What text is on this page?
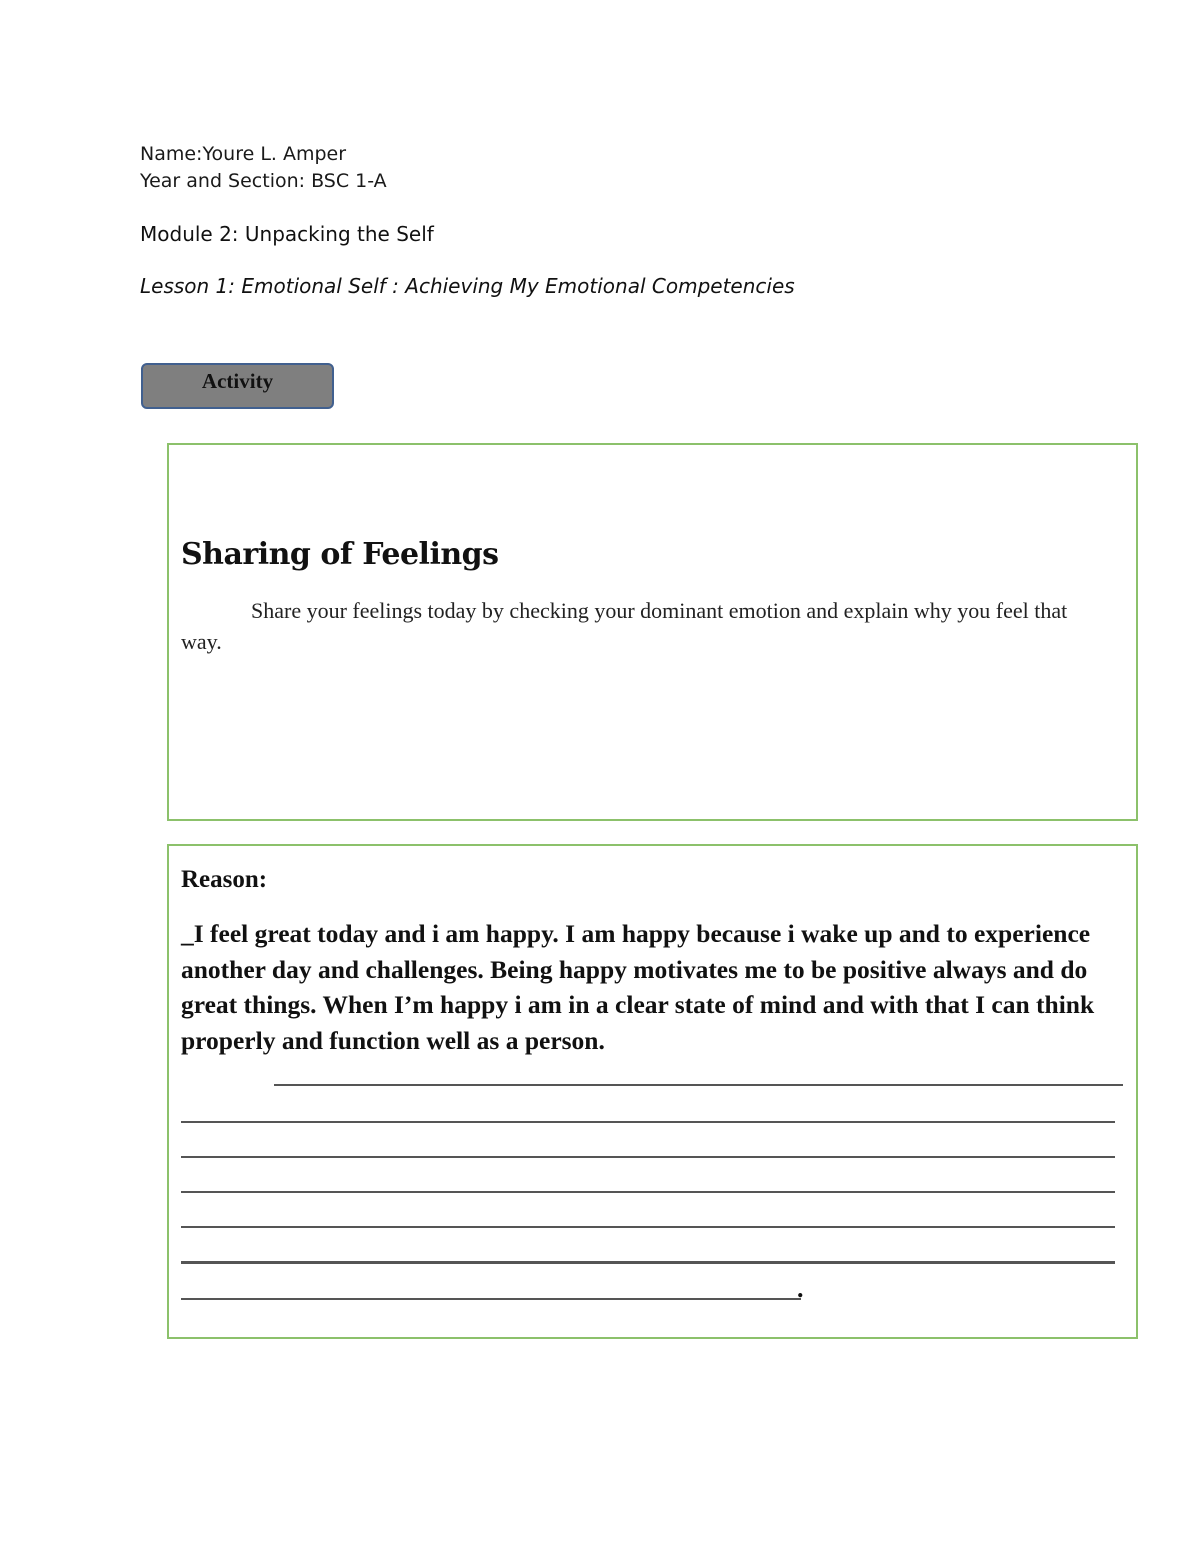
Name:Youre L. Amper
Year and Section: BSC 1-A
Module 2: Unpacking the Self
Lesson 1: Emotional Self : Achieving My Emotional Competencies
Activity
Sharing of Feelings

Share your feelings today by checking your dominant emotion and explain why you feel that way.

Reason:

_I feel great today and i am happy. I am happy because i wake up and to experience another day and challenges. Being happy motivates me to be positive always and do great things. When I’m happy i am in a clear state of mind and with that I can think properly and function well as a person.

.
